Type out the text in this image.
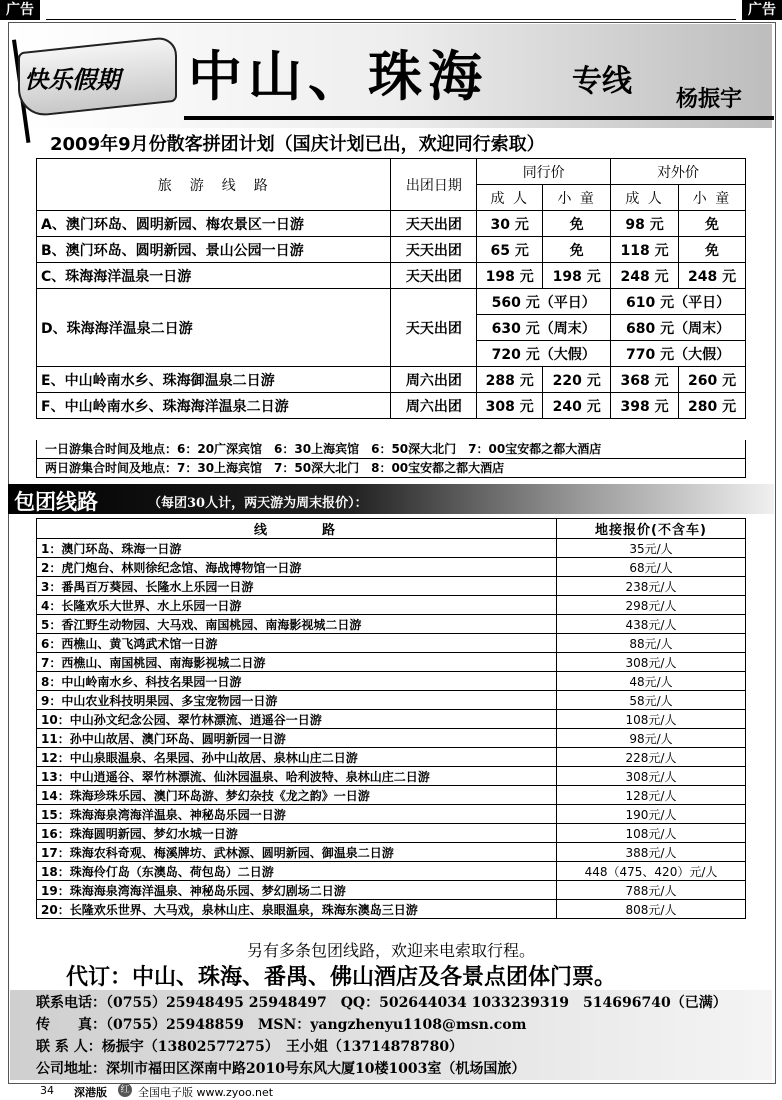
广告	广告
快乐假期 中山、珠海	专线 杨振宇
2009年9月份散客拼团计划（国庆计划已出，欢迎同行索取）
旅　游　线　路	出团日期	同行价		对外价	
		成 人	小 童	成 人	小 童
A、澳门环岛、圆明新园、梅农景区一日游	天天出团	30 元	免	98 元	免
B、澳门环岛、圆明新园、景山公园一日游	天天出团	65 元	免	118 元	免
C、珠海海洋温泉一日游	天天出团	198 元	198 元	248 元	248 元
D、珠海海洋温泉二日游	天天出团	560 元（平日）		610 元（平日）	
		630 元（周末）		680 元（周末）	
		720 元（大假）		770 元（大假）	
E、中山岭南水乡、珠海御温泉二日游	周六出团	288 元	220 元	368 元	260 元
F、中山岭南水乡、珠海海洋温泉二日游	周六出团	308 元	240 元	398 元	280 元
一日游集合时间及地点：6：20广深宾馆　6：30上海宾馆　6：50深大北门　7：00宝安都之都大酒店
两日游集合时间及地点：7：30上海宾馆　7：50深大北门　8：00宝安都之都大酒店
包团线路	（每团30人计，两天游为周末报价）：
线　　　路	地接报价(不含车)
1：澳门环岛、珠海一日游	35元/人
2：虎门炮台、林则徐纪念馆、海战博物馆一日游	68元/人
3：番禺百万葵园、长隆水上乐园一日游	238元/人
4：长隆欢乐大世界、水上乐园一日游	298元/人
5：香江野生动物园、大马戏、南国桃园、南海影视城二日游	438元/人
6：西樵山、黄飞鸿武术馆一日游	88元/人
7：西樵山、南国桃园、南海影视城二日游	308元/人
8：中山岭南水乡、科技名果园一日游	48元/人
9：中山农业科技明果园、多宝宠物园一日游	58元/人
10：中山孙文纪念公园、翠竹林漂流、逍遥谷一日游	108元/人
11：孙中山故居、澳门环岛、圆明新园一日游	98元/人
12：中山泉眼温泉、名果园、孙中山故居、泉林山庄二日游	228元/人
13：中山逍遥谷、翠竹林漂流、仙沐园温泉、哈利波特、泉林山庄二日游	308元/人
14：珠海珍珠乐园、澳门环岛游、梦幻杂技《龙之韵》一日游	128元/人
15：珠海海泉湾海洋温泉、神秘岛乐园一日游	190元/人
16：珠海圆明新园、梦幻水城一日游	108元/人
17：珠海农科奇观、梅溪牌坊、武林源、圆明新园、御温泉二日游	388元/人
18：珠海伶仃岛（东澳岛、荷包岛）二日游	448（475、420）元/人
19：珠海海泉湾海洋温泉、神秘岛乐园、梦幻剧场二日游	788元/人
20：长隆欢乐世界、大马戏，泉林山庄、泉眼温泉，珠海东澳岛三日游	808元/人
另有多条包团线路，欢迎来电索取行程。
代订：中山、珠海、番禺、佛山酒店及各景点团体门票。
联系电话：（0755）25948495 25948497　QQ：502644034 1033239319　514696740（已满）
传　　真：（0755）25948859　MSN：yangzhenyu1108@msn.com
联 系 人：杨振宇（13802577275）　王小姐（13714878780）
公司地址：深圳市福田区深南中路2010号东风大厦10楼1003室（机场国旅）
34 深港版 红 全国电子版 www.zyoo.net
